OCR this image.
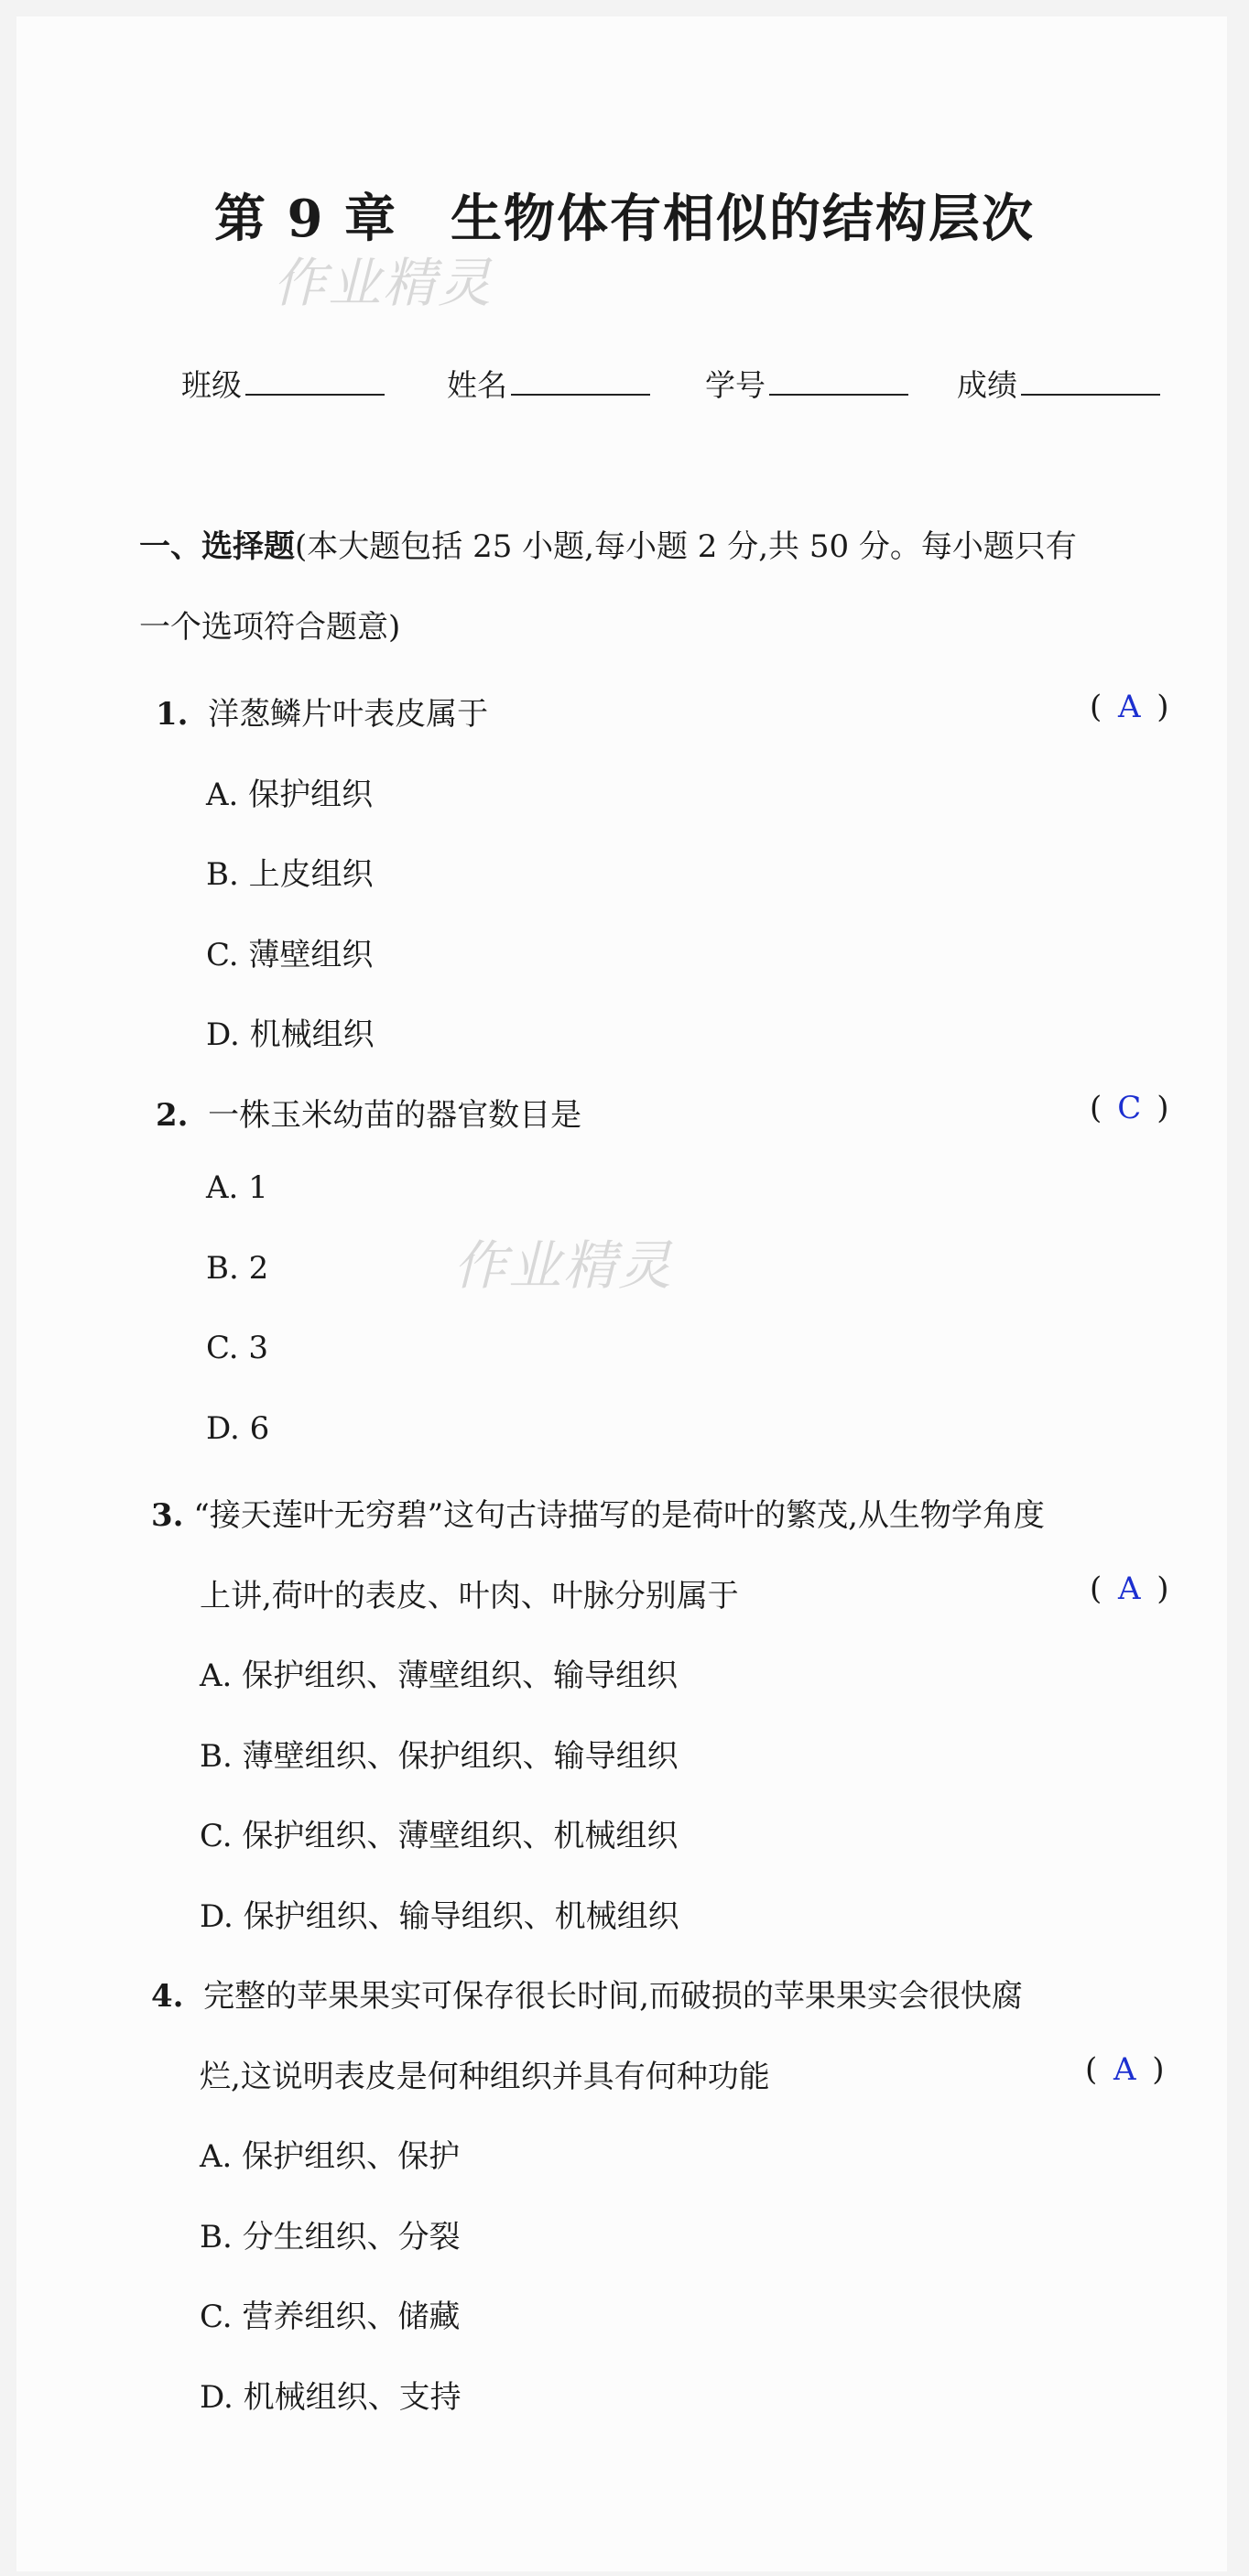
第 9 章　生物体有相似的结构层次
作业精灵
作业精灵
班级	姓名	学号	成绩
一、选择题(本大题包括 25 小题,每小题 2 分,共 50 分。每小题只有
一个选项符合题意)
1. 洋葱鳞片叶表皮属于	( A )
A. 保护组织
B. 上皮组织
C. 薄壁组织
D. 机械组织
2. 一株玉米幼苗的器官数目是	( C )
A. 1
B. 2
C. 3
D. 6
3. “接天莲叶无穷碧”这句古诗描写的是荷叶的繁茂,从生物学角度
上讲,荷叶的表皮、叶肉、叶脉分别属于	( A )
A. 保护组织、薄壁组织、输导组织
B. 薄壁组织、保护组织、输导组织
C. 保护组织、薄壁组织、机械组织
D. 保护组织、输导组织、机械组织
4. 完整的苹果果实可保存很长时间,而破损的苹果果实会很快腐
烂,这说明表皮是何种组织并具有何种功能	( A )
A. 保护组织、保护
B. 分生组织、分裂
C. 营养组织、储藏
D. 机械组织、支持
